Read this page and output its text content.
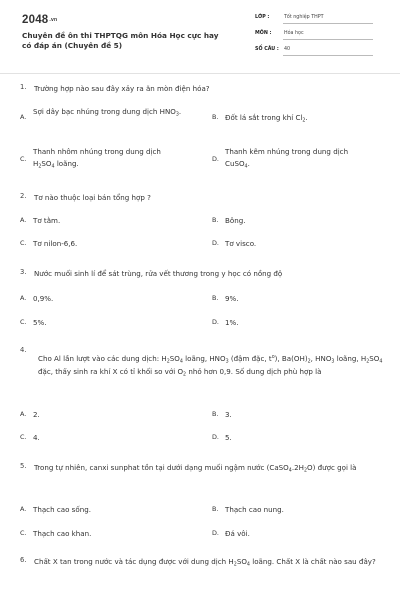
2048.vn
Chuyên đề ôn thi THPTQG môn Hóa Học cực hay có đáp án (Chuyên đề 5)
LỚP :	Tốt nghiệp THPT
MÔN :	Hóa học
SỐ CÂU : 40
1. Trường hợp nào sau đây xảy ra ăn mòn điện hóa?
A.
Sợi dây bạc nhúng trong dung dịch $HNO_3$.
B. Đốt lá sắt trong khí $Cl_2$.
C.
Thanh nhôm nhúng trong dung dịch $H_2SO_4$ loãng.	D.
Thanh kẽm nhúng trong dung dịch CuSO$_4$.
2. Tơ nào thuộc loại bán tổng hợp ?
A. Tơ tằm.	B. Bông.
C. Tơ nilon-6,6.	D. Tơ visco.
3. Nước muối sinh lí để sát trùng, rửa vết thương trong y học có nồng độ
A. 0,9%.	B. 9%.
C. 5%.	D. 1%.
4.
Cho Al lần lượt vào các dung dịch: $H_2SO_4$ loãng, $HNO_3$ (đậm đặc, $t^o$), $Ba(OH)_2$, $HNO_3$ loãng, $H_2SO_4$ đặc, thấy sinh ra khí X có tỉ khối so với $O_2$ nhỏ hơn 0,9. Số dung dịch phù hợp là
A. 2.	B. 3.
C. 4.	D. 5.
5. Trong tự nhiên, canxi sunphat tồn tại dưới dạng muối ngậm nước $(CaSO_4.2H_2O)$ được gọi là
A. Thạch cao sống.	B. Thạch cao nung.
C. Thạch cao khan.	D. Đá vôi.
6. Chất X tan trong nước và tác dụng được với dung dịch $H_2SO_4$ loãng. Chất X là chất nào sau đây?
